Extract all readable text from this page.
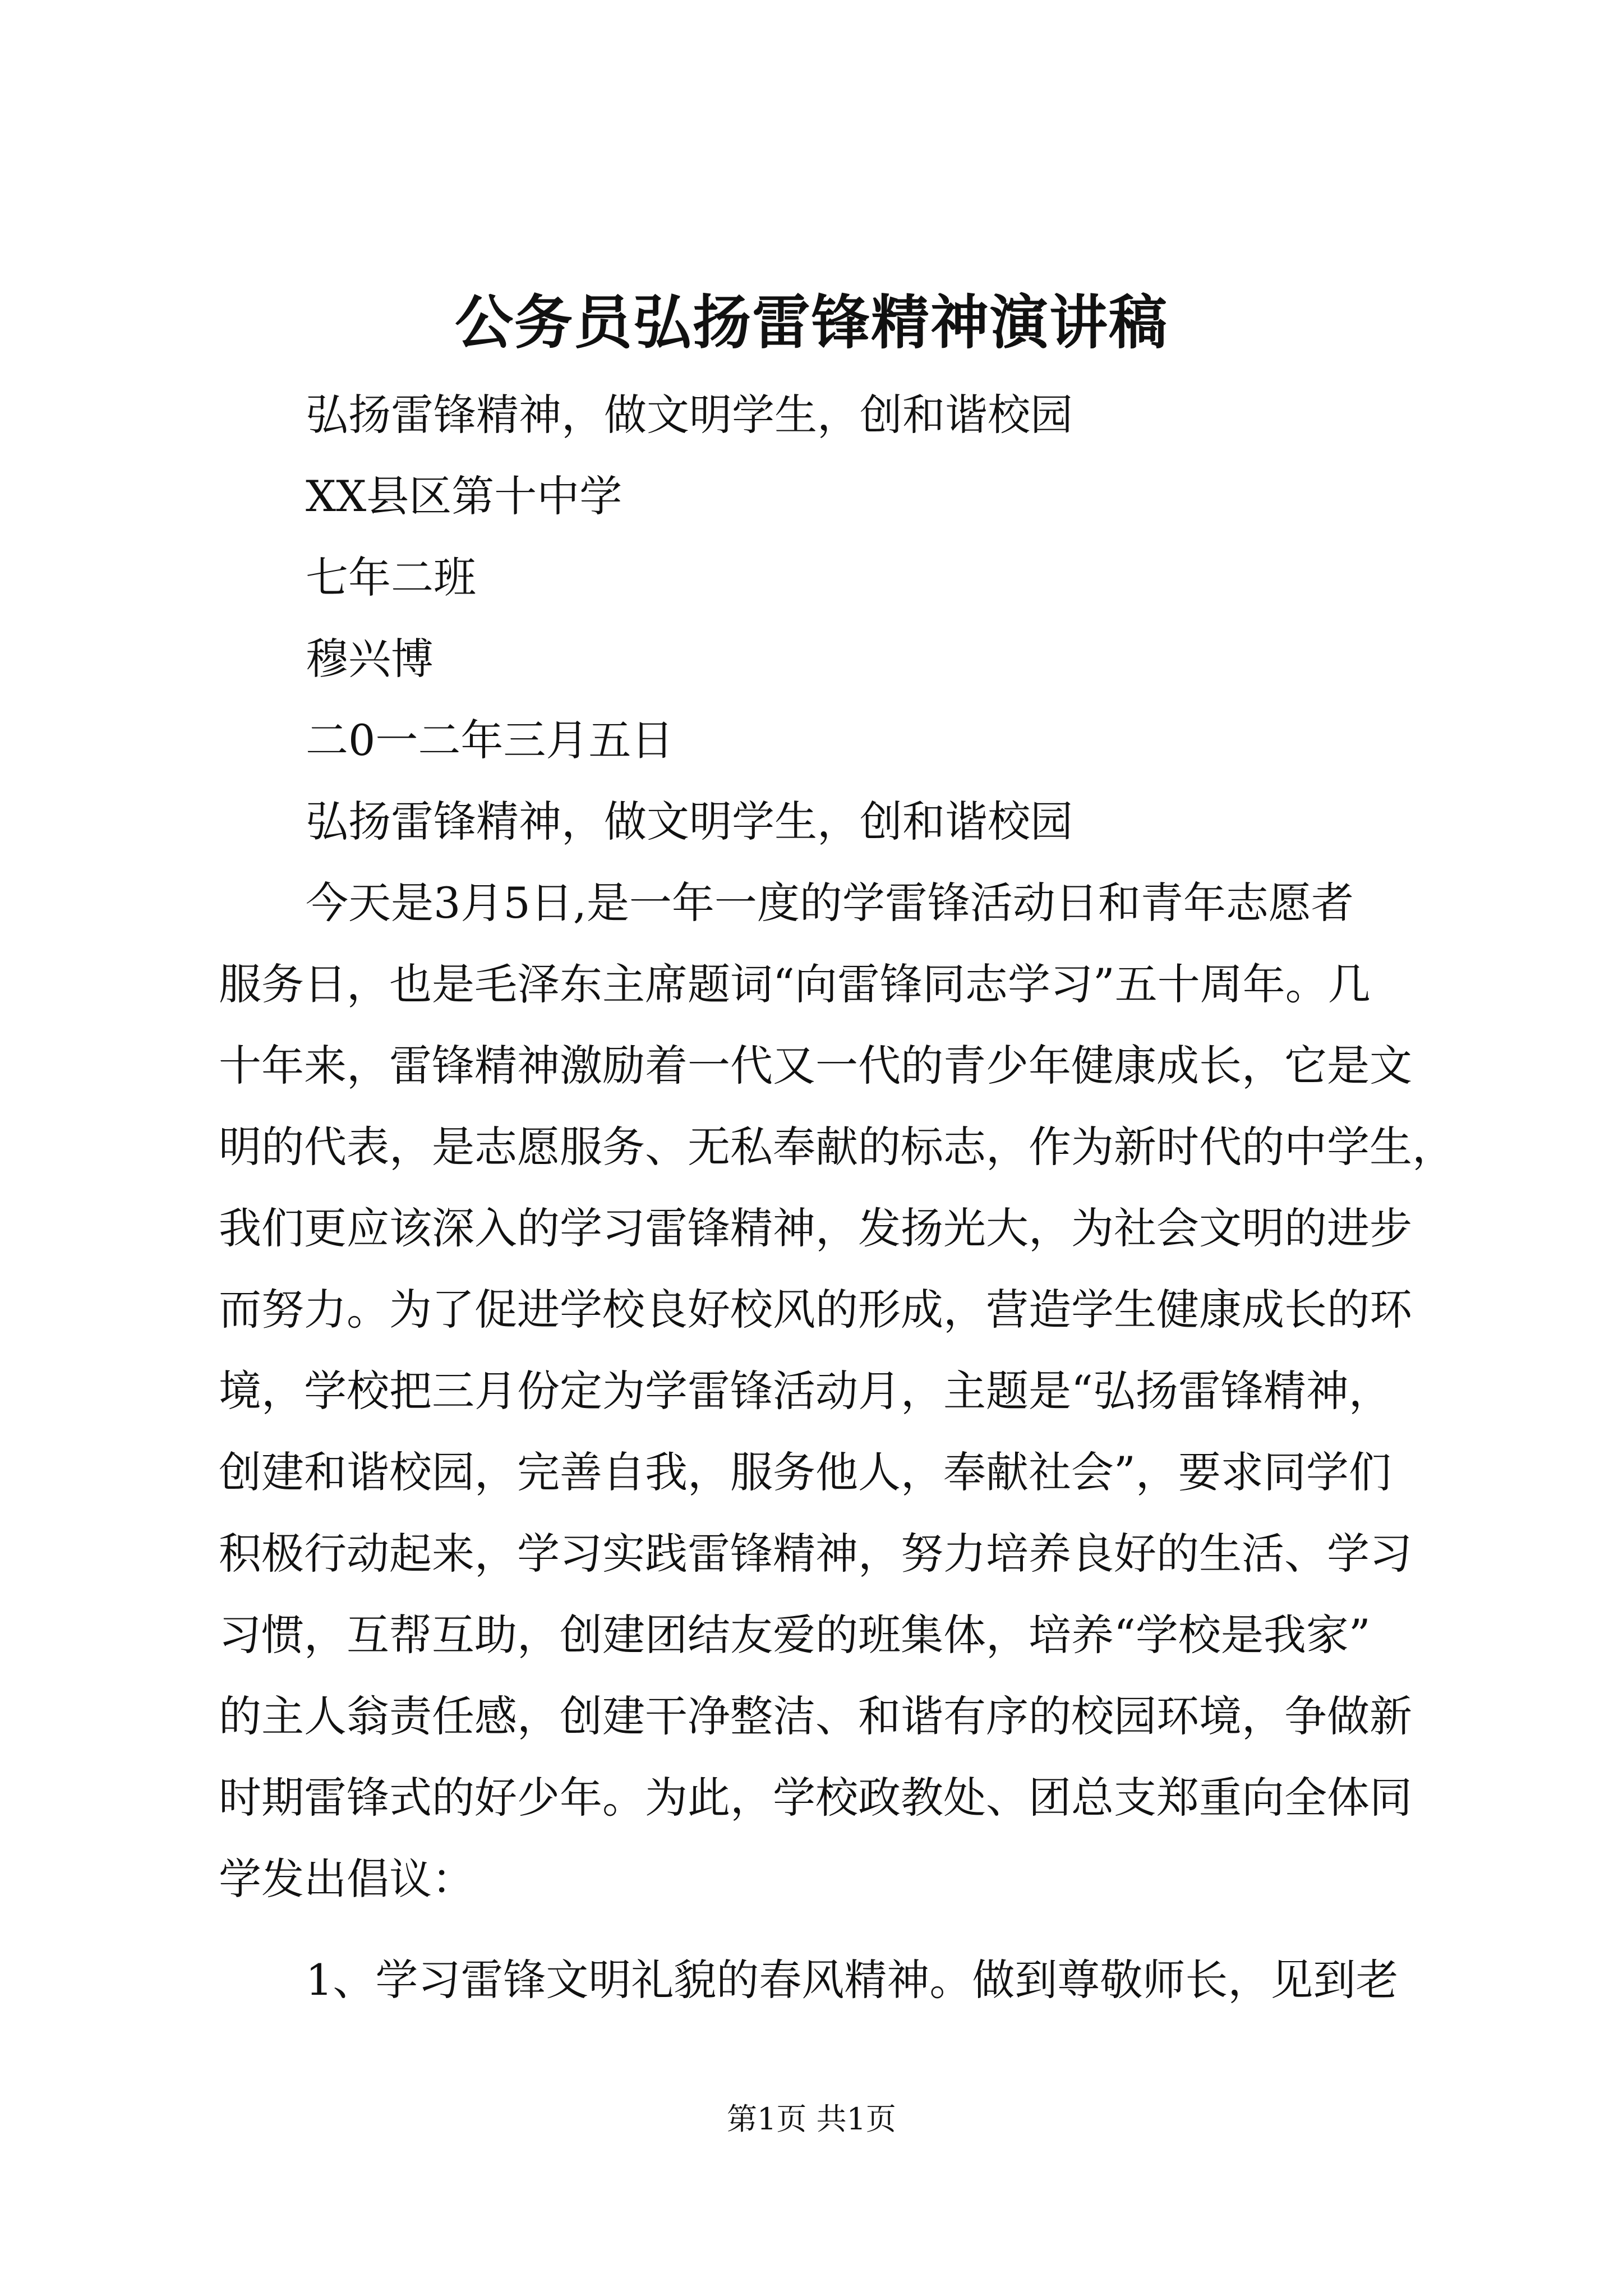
公务员弘扬雷锋精神演讲稿
弘扬雷锋精神，做文明学生，创和谐校园
XX县区第十中学
七年二班
穆兴博
二0一二年三月五日
弘扬雷锋精神，做文明学生，创和谐校园
今天是3月5日,是一年一度的学雷锋活动日和青年志愿者
服务日，也是毛泽东主席题词“向雷锋同志学习”五十周年。几
十年来，雷锋精神激励着一代又一代的青少年健康成长，它是文
明的代表，是志愿服务、无私奉献的标志，作为新时代的中学生，
我们更应该深入的学习雷锋精神，发扬光大，为社会文明的进步
而努力。为了促进学校良好校风的形成，营造学生健康成长的环
境，学校把三月份定为学雷锋活动月，主题是“弘扬雷锋精神，
创建和谐校园，完善自我，服务他人，奉献社会”，要求同学们
积极行动起来，学习实践雷锋精神，努力培养良好的生活、学习
习惯，互帮互助，创建团结友爱的班集体，培养“学校是我家”
的主人翁责任感，创建干净整洁、和谐有序的校园环境，争做新
时期雷锋式的好少年。为此，学校政教处、团总支郑重向全体同
学发出倡议：
1、学习雷锋文明礼貌的春风精神。做到尊敬师长，见到老
第1页 共1页
